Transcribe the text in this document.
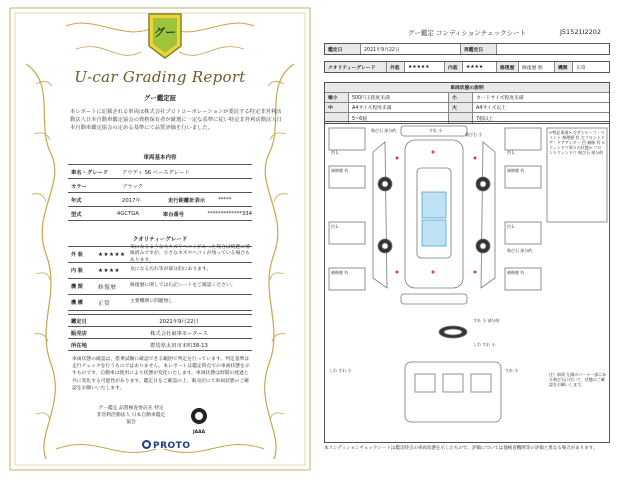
グー
U-car Grading Report
グー鑑定証
本レポートに記載される車両は株式会社プロトコーポレーションが委託する特定非営利活動法人日本自動車鑑定協会の資格保有者が厳選に一定な基準に従い特定非営利活動法人日本自動車鑑定協会の定める基準にて品質評価を行いました。
車両基本内容
車名・グレード	アウディ S6 ベースグレード
カラー	ブラック
年式	2017年	走行距離計表示	*****
型式	4GCTGA	車台番号	*************334
クオリティーグレード
外 装	★★★★★
気になるような大キズやヘコミがあった場合は綺麗に補修済みですが、小さなキズやヘコミが残っている場合もあります。
内 装	★★★★	気になる汚れ等が部分的にあります。
機 関	修復歴	修復歴に関しては右記シートをご確認ください。
機 構	正常	主要機関に問題無し
鑑定日	2021年9月22日
販売店	株式会社東車モータース
所在地	群馬県太田市本町38-13
車両状態の確認は、搭乗試験に確認できる範囲で判定を行っています。判定基準は走行チェックを行うものではありません。本レポートは鑑定時点での車両状態を示すものです。自動車は使用により状態が変化いたします。車両状態は時間の経過と共に変化する可能性があります。鑑定日をご確認の上、販売店にて車両状態のご確認をお願いいたします。
グー鑑定 品質検査委託先 特定非営利活動法人 日本自動車鑑定協会
JAAA
PROTO
グー鑑定 コンディションチェックシート	J51521I2202
鑑定日	2021年9月22日	再鑑定日
クオリティーグレード	外装	★★★★★	内装	★★★★	修復歴	修復歴 無	機関	正常
車両状態の説明
極小	500円玉程度未満	小	カードサイズ程度未満
中	A4サイズ程度未満	大	A4サイズ以上
5~6個	7個以上
飛び石 部分的	すれ 小
飛び石 小
凹 L	凹 L
補修歴 有	補修歴 有
凹 L	凹 L
補修歴 有	補修歴 有
飛び石 部分的
すれ 小 部分的
しわ すれ 小
しわ すれ 小	すれ 小
<特記事項> 左サンルーフ・ペイント 修理歴 有 左フロントドア・ドアアンダー 凹 補修 有 <ウィンドウ周りの状態> フロントウィンドウ 飛び石 部分的
注）車両 左側のコーナー部にある飛び石に付いて、状態のご確認をお願いします。
本コンディションチェックシートは鑑定時点の車両状態を示したもので、評価については他検査機関等の評価と異なる場合があります。
